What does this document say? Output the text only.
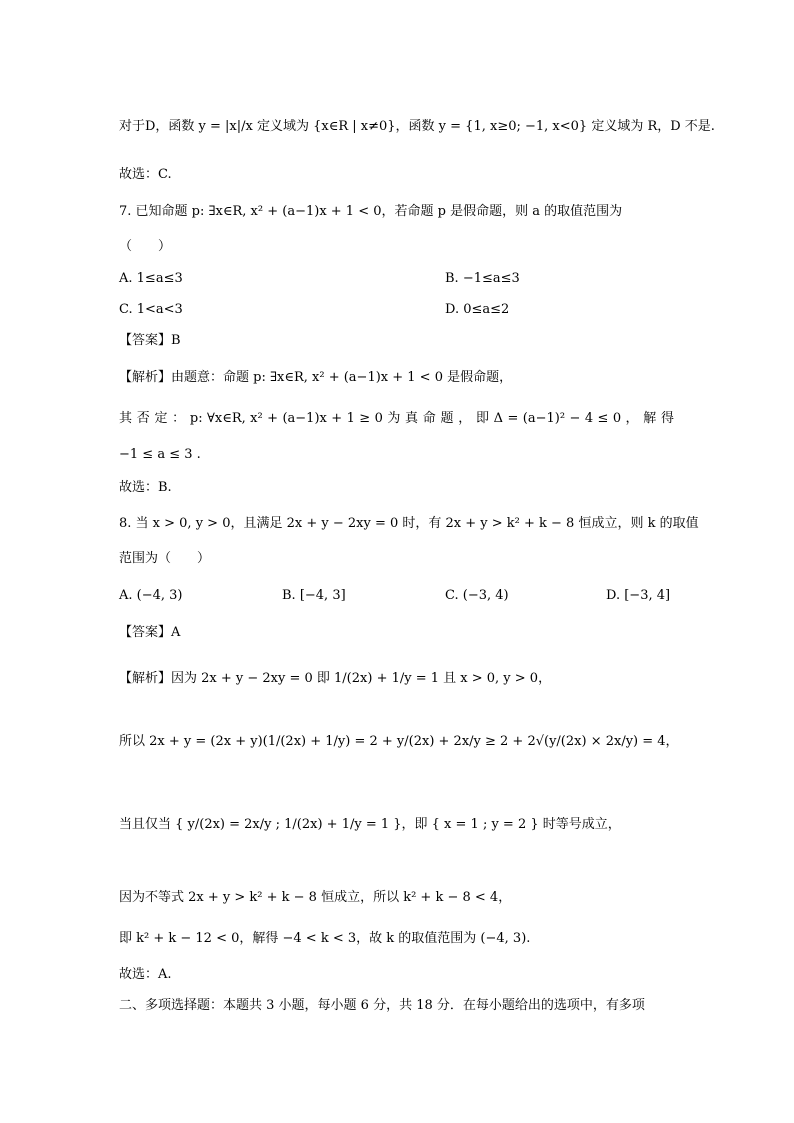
对于D，函数 y = |x|/x 定义域为 {x∈R | x≠0}，函数 y = {1, x≥0; −1, x<0} 定义域为 R，D 不是.
故选：C.
7. 已知命题 p: ∃x∈R, x² + (a−1)x + 1 < 0，若命题 p 是假命题，则 a 的取值范围为
（　　）
A. 1≤a≤3	B. −1≤a≤3
C. 1<a<3	D. 0≤a≤2
【答案】B
【解析】由题意：命题 p: ∃x∈R, x² + (a−1)x + 1 < 0 是假命题，
其 否 定 ： p: ∀x∈R, x² + (a−1)x + 1 ≥ 0 为 真 命 题 ， 即 Δ = (a−1)² − 4 ≤ 0 ， 解 得
−1 ≤ a ≤ 3 .
故选：B.
8. 当 x > 0, y > 0，且满足 2x + y − 2xy = 0 时，有 2x + y > k² + k − 8 恒成立，则 k 的取值
范围为（　　）
A. (−4, 3)	B. [−4, 3]	C. (−3, 4)	D. [−3, 4]
【答案】A
【解析】因为 2x + y − 2xy = 0 即 1/(2x) + 1/y = 1 且 x > 0, y > 0，
所以 2x + y = (2x + y)(1/(2x) + 1/y) = 2 + y/(2x) + 2x/y ≥ 2 + 2√(y/(2x) × 2x/y) = 4，
当且仅当 { y/(2x) = 2x/y ; 1/(2x) + 1/y = 1 }，即 { x = 1 ; y = 2 } 时等号成立，
因为不等式 2x + y > k² + k − 8 恒成立，所以 k² + k − 8 < 4，
即 k² + k − 12 < 0，解得 −4 < k < 3，故 k 的取值范围为 (−4, 3).
故选：A.
二、多项选择题：本题共 3 小题，每小题 6 分，共 18 分．在每小题给出的选项中，有多项
